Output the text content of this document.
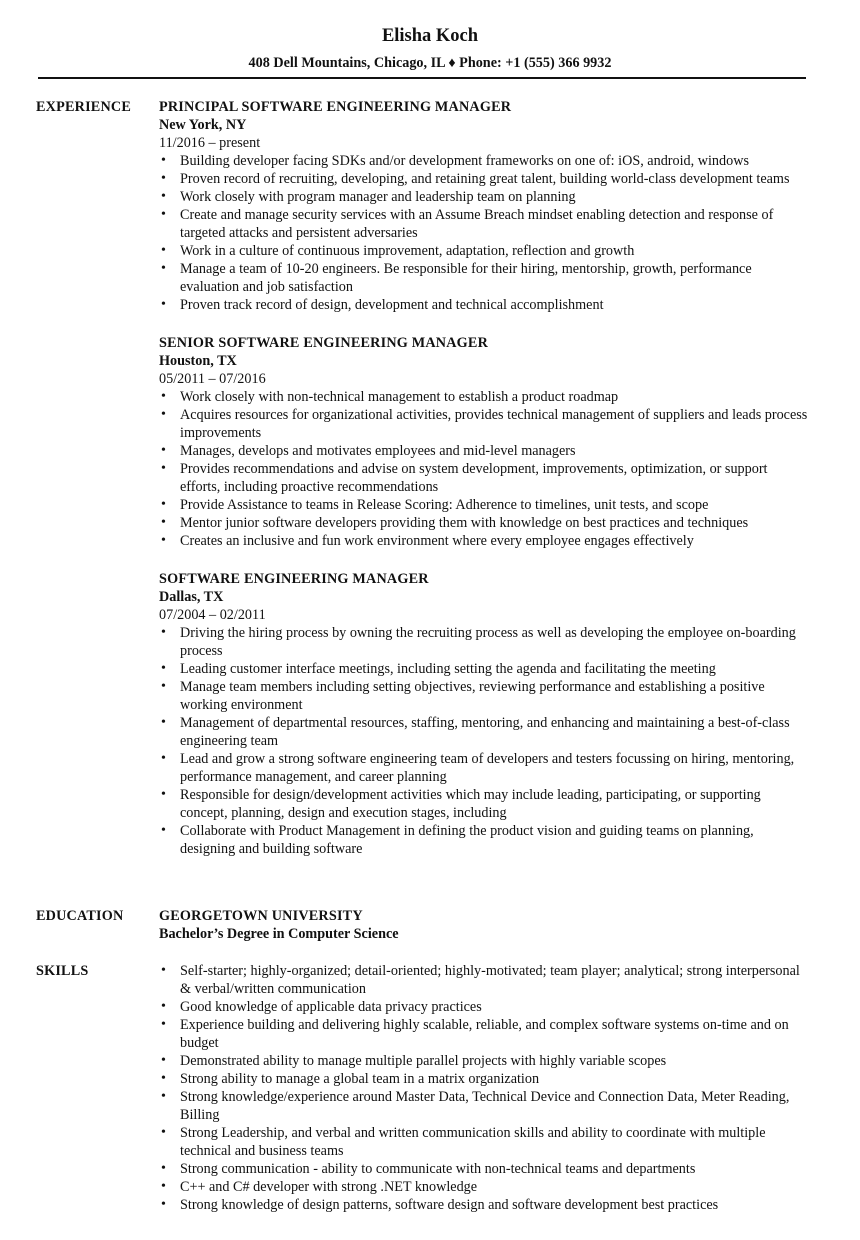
Elisha Koch
408 Dell Mountains, Chicago, IL ♦ Phone: +1 (555) 366 9932
EXPERIENCE PRINCIPAL SOFTWARE ENGINEERING MANAGER
New York, NY
11/2016 – present
• Building developer facing SDKs and/or development frameworks on one of: iOS, android, windows
• Proven record of recruiting, developing, and retaining great talent, building world-class development teams
• Work closely with program manager and leadership team on planning
• Create and manage security services with an Assume Breach mindset enabling detection and response of targeted attacks and persistent adversaries
• Work in a culture of continuous improvement, adaptation, reflection and growth
• Manage a team of 10-20 engineers. Be responsible for their hiring, mentorship, growth, performance evaluation and job satisfaction
• Proven track record of design, development and technical accomplishment
SENIOR SOFTWARE ENGINEERING MANAGER
Houston, TX
05/2011 – 07/2016
• Work closely with non-technical management to establish a product roadmap
• Acquires resources for organizational activities, provides technical management of suppliers and leads process improvements
• Manages, develops and motivates employees and mid-level managers
• Provides recommendations and advise on system development, improvements, optimization, or support efforts, including proactive recommendations
• Provide Assistance to teams in Release Scoring: Adherence to timelines, unit tests, and scope
• Mentor junior software developers providing them with knowledge on best practices and techniques
• Creates an inclusive and fun work environment where every employee engages effectively
SOFTWARE ENGINEERING MANAGER
Dallas, TX
07/2004 – 02/2011
• Driving the hiring process by owning the recruiting process as well as developing the employee on-boarding process
• Leading customer interface meetings, including setting the agenda and facilitating the meeting
• Manage team members including setting objectives, reviewing performance and establishing a positive working environment
• Management of departmental resources, staffing, mentoring, and enhancing and maintaining a best-of-class engineering team
• Lead and grow a strong software engineering team of developers and testers focussing on hiring, mentoring, performance management, and career planning
• Responsible for design/development activities which may include leading, participating, or supporting concept, planning, design and execution stages, including
• Collaborate with Product Management in defining the product vision and guiding teams on planning, designing and building software
EDUCATION	GEORGETOWN UNIVERSITY
Bachelor’s Degree in Computer Science
SKILLS	• Self-starter; highly-organized; detail-oriented; highly-motivated; team player; analytical; strong interpersonal & verbal/written communication
• Good knowledge of applicable data privacy practices
• Experience building and delivering highly scalable, reliable, and complex software systems on-time and on budget
• Demonstrated ability to manage multiple parallel projects with highly variable scopes
• Strong ability to manage a global team in a matrix organization
• Strong knowledge/experience around Master Data, Technical Device and Connection Data, Meter Reading, Billing
• Strong Leadership, and verbal and written communication skills and ability to coordinate with multiple technical and business teams
• Strong communication - ability to communicate with non-technical teams and departments
• C++ and C# developer with strong .NET knowledge
• Strong knowledge of design patterns, software design and software development best practices
